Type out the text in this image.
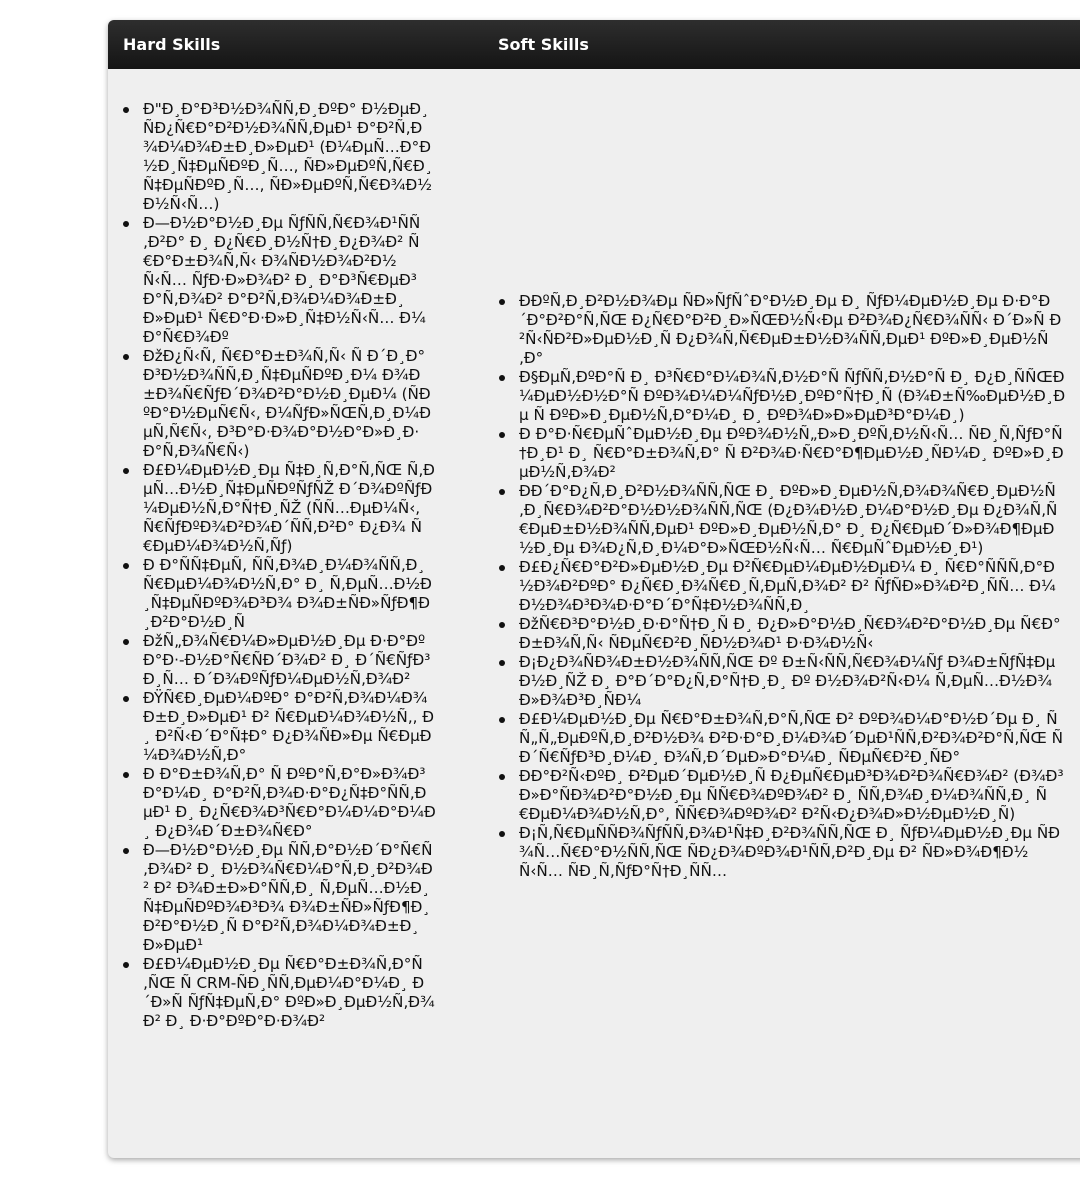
Hard Skills	Soft Skills
Ð"Ð¸Ð°Ð³Ð½Ð¾ÑÑ‚Ð¸ÐºÐ° Ð½ÐµÐ¸ÑÐ¿Ñ€Ð°Ð²Ð½Ð¾ÑÑ‚ÐµÐ¹ Ð°Ð²Ñ‚Ð¾Ð¼Ð¾Ð±Ð¸Ð»ÐµÐ¹ (Ð¼ÐµÑ…Ð°Ð½Ð¸Ñ‡ÐµÑÐºÐ¸Ñ…, ÑÐ»ÐµÐºÑ‚Ñ€Ð¸Ñ‡ÐµÑÐºÐ¸Ñ…, ÑÐ»ÐµÐºÑ‚Ñ€Ð¾Ð½Ð½Ñ‹Ñ…)
Ð—Ð½Ð°Ð½Ð¸Ðµ ÑƒÑÑ‚Ñ€Ð¾Ð¹ÑÑ‚Ð²Ð° Ð¸ Ð¿Ñ€Ð¸Ð½Ñ†Ð¸Ð¿Ð¾Ð² Ñ€Ð°Ð±Ð¾Ñ‚Ñ‹ Ð¾ÑÐ½Ð¾Ð²Ð½Ñ‹Ñ… ÑƒÐ·Ð»Ð¾Ð² Ð¸ Ð°Ð³Ñ€ÐµÐ³Ð°Ñ‚Ð¾Ð² Ð°Ð²Ñ‚Ð¾Ð¼Ð¾Ð±Ð¸Ð»ÐµÐ¹ Ñ€Ð°Ð·Ð»Ð¸Ñ‡Ð½Ñ‹Ñ… Ð¼Ð°Ñ€Ð¾Ðº
ÐžÐ¿Ñ‹Ñ‚ Ñ€Ð°Ð±Ð¾Ñ‚Ñ‹ Ñ Ð´Ð¸Ð°Ð³Ð½Ð¾ÑÑ‚Ð¸Ñ‡ÐµÑÐºÐ¸Ð¼ Ð¾Ð±Ð¾Ñ€ÑƒÐ´Ð¾Ð²Ð°Ð½Ð¸ÐµÐ¼ (ÑÐºÐ°Ð½ÐµÑ€Ñ‹, Ð¼ÑƒÐ»ÑŒÑ‚Ð¸Ð¼ÐµÑ‚Ñ€Ñ‹, Ð³Ð°Ð·Ð¾Ð°Ð½Ð°Ð»Ð¸Ð·Ð°Ñ‚Ð¾Ñ€Ñ‹)
Ð£Ð¼ÐµÐ½Ð¸Ðµ Ñ‡Ð¸Ñ‚Ð°Ñ‚ÑŒ Ñ‚ÐµÑ…Ð½Ð¸Ñ‡ÐµÑÐºÑƒÑŽ Ð´Ð¾ÐºÑƒÐ¼ÐµÐ½Ñ‚Ð°Ñ†Ð¸ÑŽ (ÑÑ…ÐµÐ¼Ñ‹, Ñ€ÑƒÐºÐ¾Ð²Ð¾Ð´ÑÑ‚Ð²Ð° Ð¿Ð¾ Ñ€ÐµÐ¼Ð¾Ð½Ñ‚Ñƒ)
Ð Ð°ÑÑ‡ÐµÑ‚ ÑÑ‚Ð¾Ð¸Ð¼Ð¾ÑÑ‚Ð¸ Ñ€ÐµÐ¼Ð¾Ð½Ñ‚Ð° Ð¸ Ñ‚ÐµÑ…Ð½Ð¸Ñ‡ÐµÑÐºÐ¾Ð³Ð¾ Ð¾Ð±ÑÐ»ÑƒÐ¶Ð¸Ð²Ð°Ð½Ð¸Ñ
ÐžÑ„Ð¾Ñ€Ð¼Ð»ÐµÐ½Ð¸Ðµ Ð·Ð°ÐºÐ°Ð·-Ð½Ð°Ñ€ÑÐ´Ð¾Ð² Ð¸ Ð´Ñ€ÑƒÐ³Ð¸Ñ… Ð´Ð¾ÐºÑƒÐ¼ÐµÐ½Ñ‚Ð¾Ð²
ÐŸÑ€Ð¸ÐµÐ¼ÐºÐ° Ð°Ð²Ñ‚Ð¾Ð¼Ð¾Ð±Ð¸Ð»ÐµÐ¹ Ð² Ñ€ÐµÐ¼Ð¾Ð½Ñ‚, Ð¸ Ð²Ñ‹Ð´Ð°Ñ‡Ð° Ð¿Ð¾ÑÐ»Ðµ Ñ€ÐµÐ¼Ð¾Ð½Ñ‚Ð°
Ð Ð°Ð±Ð¾Ñ‚Ð° Ñ ÐºÐ°Ñ‚Ð°Ð»Ð¾Ð³Ð°Ð¼Ð¸ Ð°Ð²Ñ‚Ð¾Ð·Ð°Ð¿Ñ‡Ð°ÑÑ‚ÐµÐ¹ Ð¸ Ð¿Ñ€Ð¾Ð³Ñ€Ð°Ð¼Ð¼Ð°Ð¼Ð¸ Ð¿Ð¾Ð´Ð±Ð¾Ñ€Ð°
Ð—Ð½Ð°Ð½Ð¸Ðµ ÑÑ‚Ð°Ð½Ð´Ð°Ñ€Ñ‚Ð¾Ð² Ð¸ Ð½Ð¾Ñ€Ð¼Ð°Ñ‚Ð¸Ð²Ð¾Ð² Ð² Ð¾Ð±Ð»Ð°ÑÑ‚Ð¸ Ñ‚ÐµÑ…Ð½Ð¸Ñ‡ÐµÑÐºÐ¾Ð³Ð¾ Ð¾Ð±ÑÐ»ÑƒÐ¶Ð¸Ð²Ð°Ð½Ð¸Ñ Ð°Ð²Ñ‚Ð¾Ð¼Ð¾Ð±Ð¸Ð»ÐµÐ¹
Ð£Ð¼ÐµÐ½Ð¸Ðµ Ñ€Ð°Ð±Ð¾Ñ‚Ð°Ñ‚ÑŒ Ñ CRM-ÑÐ¸ÑÑ‚ÐµÐ¼Ð°Ð¼Ð¸ Ð´Ð»Ñ ÑƒÑ‡ÐµÑ‚Ð° ÐºÐ»Ð¸ÐµÐ½Ñ‚Ð¾Ð² Ð¸ Ð·Ð°ÐºÐ°Ð·Ð¾Ð²
ÐÐºÑ‚Ð¸Ð²Ð½Ð¾Ðµ ÑÐ»ÑƒÑˆÐ°Ð½Ð¸Ðµ Ð¸ ÑƒÐ¼ÐµÐ½Ð¸Ðµ Ð·Ð°Ð´Ð°Ð²Ð°Ñ‚ÑŒ Ð¿Ñ€Ð°Ð²Ð¸Ð»ÑŒÐ½Ñ‹Ðµ Ð²Ð¾Ð¿Ñ€Ð¾ÑÑ‹ Ð´Ð»Ñ Ð²Ñ‹ÑÐ²Ð»ÐµÐ½Ð¸Ñ Ð¿Ð¾Ñ‚Ñ€ÐµÐ±Ð½Ð¾ÑÑ‚ÐµÐ¹ ÐºÐ»Ð¸ÐµÐ½Ñ‚Ð°
Ð§ÐµÑ‚ÐºÐ°Ñ Ð¸ Ð³Ñ€Ð°Ð¼Ð¾Ñ‚Ð½Ð°Ñ ÑƒÑÑ‚Ð½Ð°Ñ Ð¸ Ð¿Ð¸ÑÑŒÐ¼ÐµÐ½Ð½Ð°Ñ ÐºÐ¾Ð¼Ð¼ÑƒÐ½Ð¸ÐºÐ°Ñ†Ð¸Ñ (Ð¾Ð±Ñ‰ÐµÐ½Ð¸Ðµ Ñ ÐºÐ»Ð¸ÐµÐ½Ñ‚Ð°Ð¼Ð¸ Ð¸ ÐºÐ¾Ð»Ð»ÐµÐ³Ð°Ð¼Ð¸)
Ð Ð°Ð·Ñ€ÐµÑˆÐµÐ½Ð¸Ðµ ÐºÐ¾Ð½Ñ„Ð»Ð¸ÐºÑ‚Ð½Ñ‹Ñ… ÑÐ¸Ñ‚ÑƒÐ°Ñ†Ð¸Ð¹ Ð¸ Ñ€Ð°Ð±Ð¾Ñ‚Ð° Ñ Ð²Ð¾Ð·Ñ€Ð°Ð¶ÐµÐ½Ð¸ÑÐ¼Ð¸ ÐºÐ»Ð¸ÐµÐ½Ñ‚Ð¾Ð²
ÐÐ´Ð°Ð¿Ñ‚Ð¸Ð²Ð½Ð¾ÑÑ‚ÑŒ Ð¸ ÐºÐ»Ð¸ÐµÐ½Ñ‚Ð¾Ð¾Ñ€Ð¸ÐµÐ½Ñ‚Ð¸Ñ€Ð¾Ð²Ð°Ð½Ð½Ð¾ÑÑ‚ÑŒ (Ð¿Ð¾Ð½Ð¸Ð¼Ð°Ð½Ð¸Ðµ Ð¿Ð¾Ñ‚Ñ€ÐµÐ±Ð½Ð¾ÑÑ‚ÐµÐ¹ ÐºÐ»Ð¸ÐµÐ½Ñ‚Ð° Ð¸ Ð¿Ñ€ÐµÐ´Ð»Ð¾Ð¶ÐµÐ½Ð¸Ðµ Ð¾Ð¿Ñ‚Ð¸Ð¼Ð°Ð»ÑŒÐ½Ñ‹Ñ… Ñ€ÐµÑˆÐµÐ½Ð¸Ð¹)
Ð£Ð¿Ñ€Ð°Ð²Ð»ÐµÐ½Ð¸Ðµ Ð²Ñ€ÐµÐ¼ÐµÐ½ÐµÐ¼ Ð¸ Ñ€Ð°ÑÑÑ‚Ð°Ð½Ð¾Ð²ÐºÐ° Ð¿Ñ€Ð¸Ð¾Ñ€Ð¸Ñ‚ÐµÑ‚Ð¾Ð² Ð² ÑƒÑÐ»Ð¾Ð²Ð¸ÑÑ… Ð¼Ð½Ð¾Ð³Ð¾Ð·Ð°Ð´Ð°Ñ‡Ð½Ð¾ÑÑ‚Ð¸
ÐžÑ€Ð³Ð°Ð½Ð¸Ð·Ð°Ñ†Ð¸Ñ Ð¸ Ð¿Ð»Ð°Ð½Ð¸Ñ€Ð¾Ð²Ð°Ð½Ð¸Ðµ Ñ€Ð°Ð±Ð¾Ñ‚Ñ‹ ÑÐµÑ€Ð²Ð¸ÑÐ½Ð¾Ð¹ Ð·Ð¾Ð½Ñ‹
Ð¡Ð¿Ð¾ÑÐ¾Ð±Ð½Ð¾ÑÑ‚ÑŒ Ðº Ð±Ñ‹ÑÑ‚Ñ€Ð¾Ð¼Ñƒ Ð¾Ð±ÑƒÑ‡ÐµÐ½Ð¸ÑŽ Ð¸ Ð°Ð´Ð°Ð¿Ñ‚Ð°Ñ†Ð¸Ð¸ Ðº Ð½Ð¾Ð²Ñ‹Ð¼ Ñ‚ÐµÑ…Ð½Ð¾Ð»Ð¾Ð³Ð¸ÑÐ¼
Ð£Ð¼ÐµÐ½Ð¸Ðµ Ñ€Ð°Ð±Ð¾Ñ‚Ð°Ñ‚ÑŒ Ð² ÐºÐ¾Ð¼Ð°Ð½Ð´Ðµ Ð¸ ÑÑ„Ñ„ÐµÐºÑ‚Ð¸Ð²Ð½Ð¾ Ð²Ð·Ð°Ð¸Ð¼Ð¾Ð´ÐµÐ¹ÑÑ‚Ð²Ð¾Ð²Ð°Ñ‚ÑŒ Ñ Ð´Ñ€ÑƒÐ³Ð¸Ð¼Ð¸ Ð¾Ñ‚Ð´ÐµÐ»Ð°Ð¼Ð¸ ÑÐµÑ€Ð²Ð¸ÑÐ°
ÐÐ°Ð²Ñ‹ÐºÐ¸ Ð²ÐµÐ´ÐµÐ½Ð¸Ñ Ð¿ÐµÑ€ÐµÐ³Ð¾Ð²Ð¾Ñ€Ð¾Ð² (Ð¾Ð³Ð»Ð°ÑÐ¾Ð²Ð°Ð½Ð¸Ðµ ÑÑ€Ð¾ÐºÐ¾Ð² Ð¸ ÑÑ‚Ð¾Ð¸Ð¼Ð¾ÑÑ‚Ð¸ Ñ€ÐµÐ¼Ð¾Ð½Ñ‚Ð°, ÑÑ€Ð¾ÐºÐ¾Ð² Ð²Ñ‹Ð¿Ð¾Ð»Ð½ÐµÐ½Ð¸Ñ)
Ð¡Ñ‚Ñ€ÐµÑÑÐ¾ÑƒÑÑ‚Ð¾Ð¹Ñ‡Ð¸Ð²Ð¾ÑÑ‚ÑŒ Ð¸ ÑƒÐ¼ÐµÐ½Ð¸Ðµ ÑÐ¾Ñ…Ñ€Ð°Ð½ÑÑ‚ÑŒ ÑÐ¿Ð¾ÐºÐ¾Ð¹ÑÑ‚Ð²Ð¸Ðµ Ð² ÑÐ»Ð¾Ð¶Ð½Ñ‹Ñ… ÑÐ¸Ñ‚ÑƒÐ°Ñ†Ð¸ÑÑ…
